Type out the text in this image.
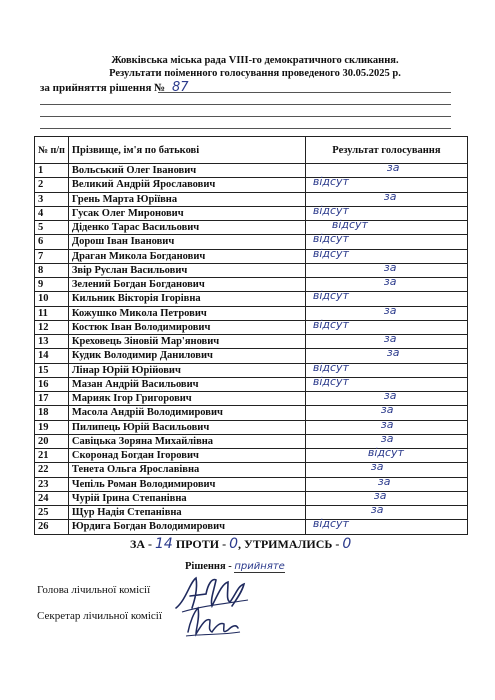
Жовківська міська рада VIII-го демократичного скликання.
Результати поіменного голосування проведеного 30.05.2025 р.
за прийняття рішення № 87
№ п/п	Прізвище, ім'я по батькові	Результат голосування
1	Вольський Олег Іванович	за

2	Великий Андрій Ярославович	відсут

3	Грень Марта Юріївна	за

4	Гусак Олег Миронович	відсут

5	Діденко Тарас Васильович	відсут

6	Дорош Іван Іванович	відсут

7	Драган Микола Богданович	відсут

8	Звір Руслан Васильович	за

9	Зелений Богдан Богданович	за

10	Кильник Вікторія Ігорівна	відсут

11	Кожушко Микола Петрович	за

12	Костюк Іван Володимирович	відсут

13	Креховець Зіновій Мар'янович	за

14	Кудик Володимир Данилович	за

15	Лінар Юрій Юрійович	відсут

16	Мазан Андрій Васильович	відсут

17	Марияк Ігор Григорович	за

18	Масола Андрій Володимирович	за

19	Пилипець Юрій Васильович	за

20	Савіцька Зоряна Михайлівна	за

21	Скоронад Богдан Ігорович	відсут

22	Тенета Ольга Ярославівна	за

23	Чепіль Роман Володимирович	за

24	Чурій Ірина Степанівна	за

25	Щур Надія Степанівна	за

26	Юрдига Богдан Володимирович	відсут
ЗА - 14 ПРОТИ - 0, УТРИМАЛИСЬ - 0
Рішення - прийняте
Голова лічильної комісії
Секретар лічильної комісії
